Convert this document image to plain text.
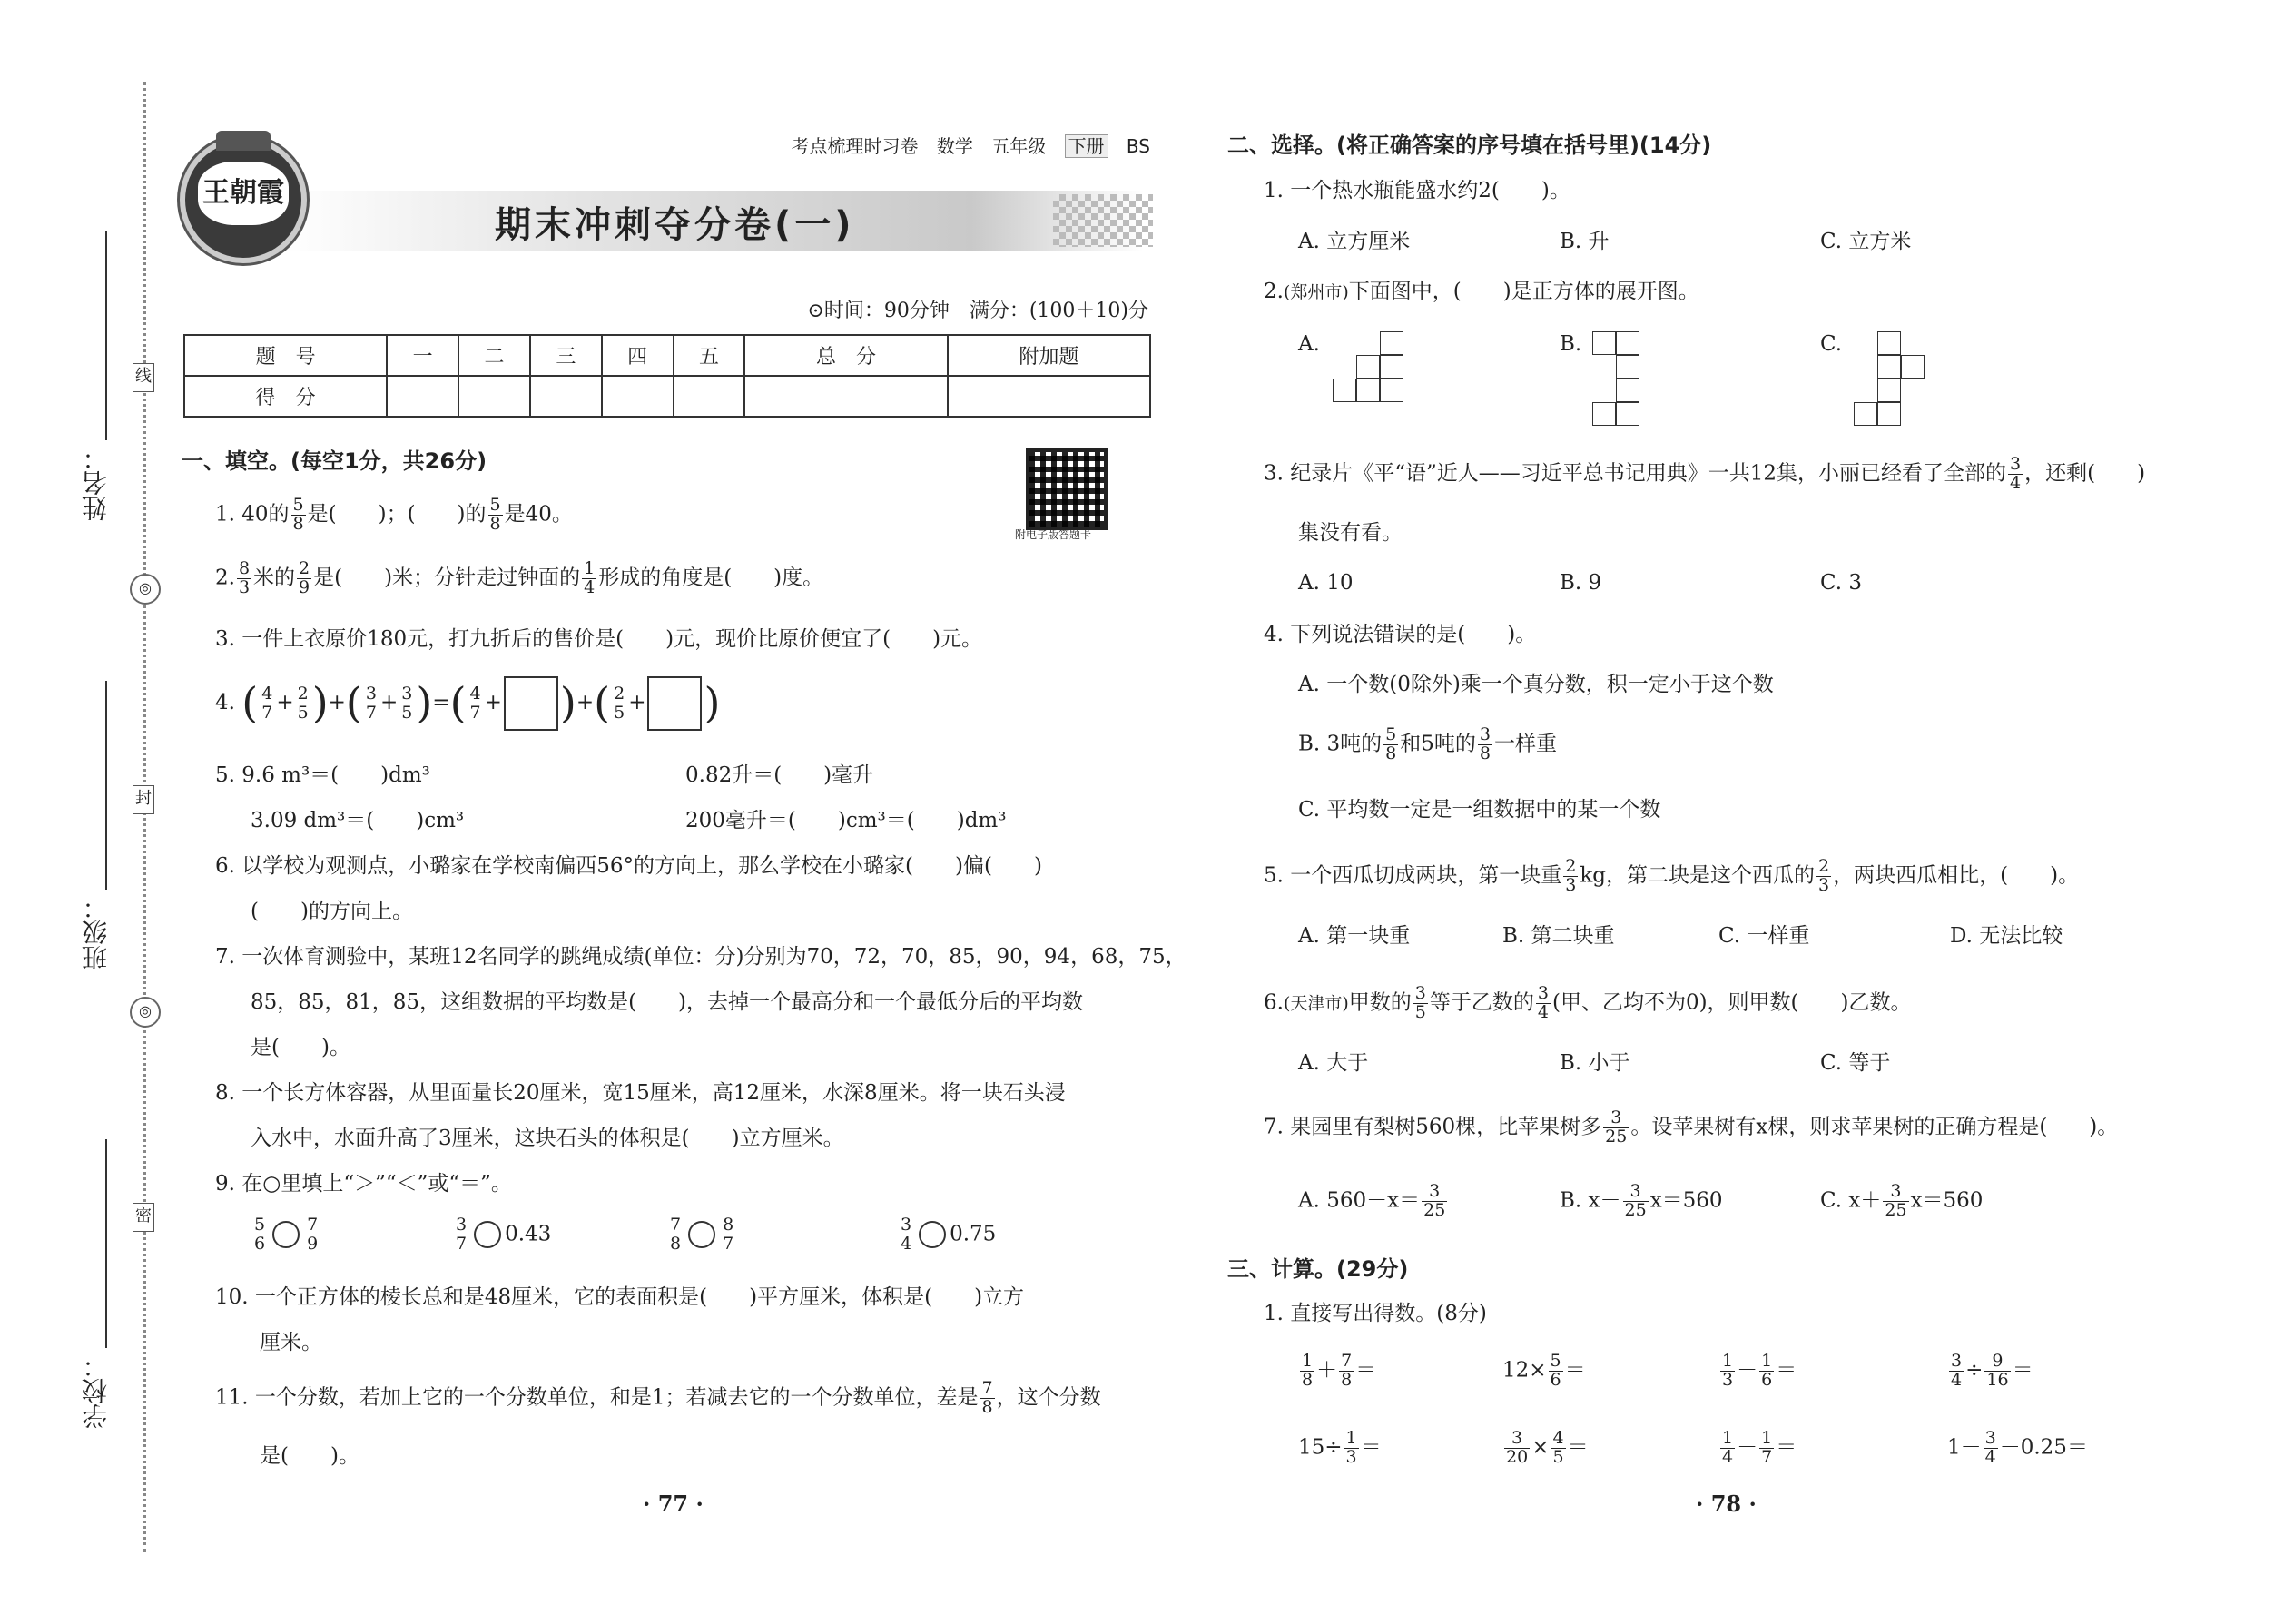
姓名：
班级：
学校：
线
◎
封
◎
密
王朝霞
考点梳理时习卷 数学 五年级 下册 BS
期末冲刺夺分卷(一)
⊙时间：90分钟　满分：(100＋10)分
题　号	一	二	三	四	五	总　分	附加题
得　分							
附电子版答题卡
一、填空。(每空1分，共26分)
1. 40的 $\frac{5}{8}$ 是(　　)；(　　)的 $\frac{5}{8}$ 是40。
2. $\frac{8}{3}$ 米的 $\frac{2}{9}$ 是(　　)米；分针走过钟面的 $\frac{1}{4}$ 形成的角度是(　　)度。
3. 一件上衣原价180元，打九折后的售价是(　　)元，现价比原价便宜了(　　)元。
4. ( $\frac{4}{7} + \frac{2}{5}$ )+( $\frac{3}{7} + \frac{3}{5}$ )=( $\frac{4}{7}$ + )+( $\frac{2}{5}$ + )
5. 9.6 m³＝(　　)dm³	0.82升＝(　　)毫升
3.09 dm³＝(　　)cm³	200毫升＝(　　)cm³＝(　　)dm³
6. 以学校为观测点，小璐家在学校南偏西56°的方向上，那么学校在小璐家(　　)偏(　　)
(　　)的方向上。
7. 一次体育测验中，某班12名同学的跳绳成绩(单位：分)分别为70，72，70，85，90，94，68，75，
85，85，81，85，这组数据的平均数是(　　)，去掉一个最高分和一个最低分后的平均数
是(　　)。
8. 一个长方体容器，从里面量长20厘米，宽15厘米，高12厘米，水深8厘米。将一块石头浸
入水中，水面升高了3厘米，这块石头的体积是(　　)立方厘米。
9. 在○里填上“＞”“＜”或“＝”。
$\frac{5}{6} \frac{7}{9}$	$\frac{3}{7} 0.43$	$\frac{7}{8} \frac{8}{7}$	$\frac{3}{4} 0.75$
10. 一个正方体的棱长总和是48厘米，它的表面积是(　　)平方厘米，体积是(　　)立方
厘米。
11. 一个分数，若加上它的一个分数单位，和是1；若减去它的一个分数单位，差是 $\frac{7}{8}$ ，这个分数
是(　　)。
· 77 ·
二、选择。(将正确答案的序号填在括号里)(14分)
1. 一个热水瓶能盛水约2(　　)。
A. 立方厘米	B. 升	C. 立方米
2.(郑州市)下面图中，(　　)是正方体的展开图。
A.	B.	C.
3. 纪录片《平“语”近人——习近平总书记用典》一共12集，小丽已经看了全部的 $\frac{3}{4}$ ，还剩(　　)
集没有看。
A. 10	B. 9	C. 3
4. 下列说法错误的是(　　)。
A. 一个数(0除外)乘一个真分数，积一定小于这个数
B. 3吨的 $\frac{5}{8}$ 和5吨的 $\frac{3}{8}$ 一样重
C. 平均数一定是一组数据中的某一个数
5. 一个西瓜切成两块，第一块重 $\frac{2}{3}$ kg，第二块是这个西瓜的 $\frac{2}{3}$ ，两块西瓜相比，(　　)。
A. 第一块重	B. 第二块重	C. 一样重	D. 无法比较
6.(天津市)甲数的 $\frac{3}{5}$ 等于乙数的 $\frac{3}{4}$ (甲、乙均不为0)，则甲数(　　)乙数。
A. 大于	B. 小于	C. 等于
7. 果园里有梨树560棵，比苹果树多 $\frac{3}{25}$ 。设苹果树有x棵，则求苹果树的正确方程是(　　)。
A. $560-x= \frac{3}{25}$	B. $x- \frac{3}{25} x=560$	C. $x+ \frac{3}{25} x=560$
三、计算。(29分)
1. 直接写出得数。(8分)
$\frac{1}{8} + \frac{7}{8}$ ＝	$12\times \frac{5}{6}$ ＝	$\frac{1}{3} - \frac{1}{6}$ ＝	$\frac{3}{4} \div \frac{9}{16}$ ＝
$15\div \frac{1}{3}$ ＝	$\frac{3}{20} \times \frac{4}{5}$ ＝	$\frac{1}{4} - \frac{1}{7}$ ＝	$1- \frac{3}{4} -0.25=$
· 78 ·
